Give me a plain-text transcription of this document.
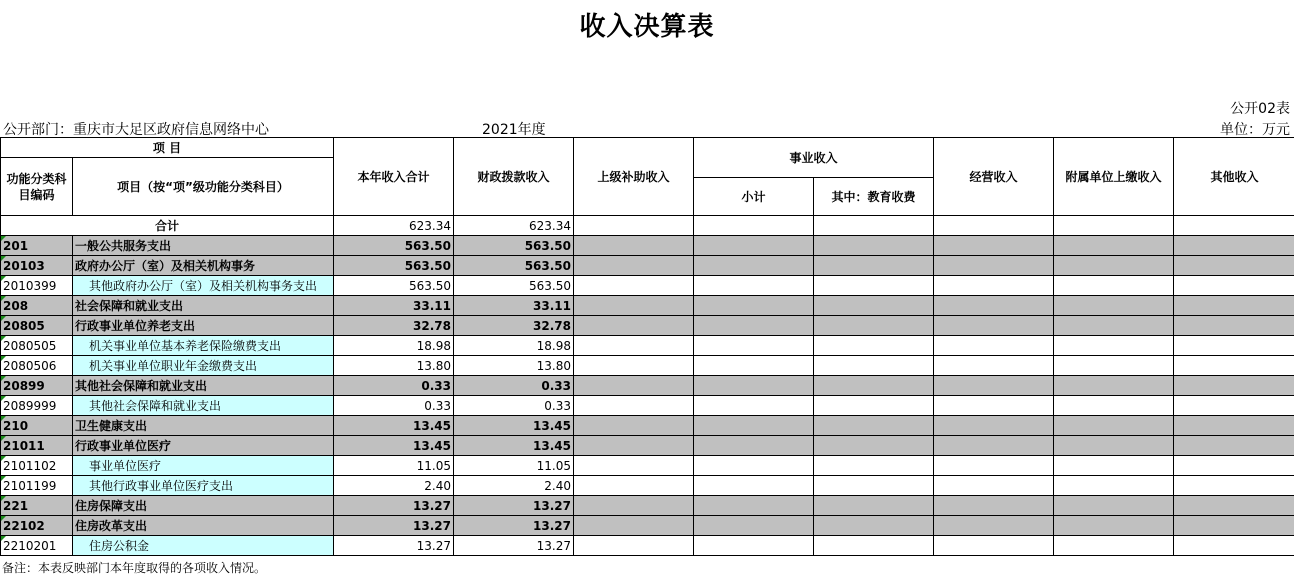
收入决算表
公开02表
公开部门：重庆市大足区政府信息网络中心	2021年度	单位：万元
项 目		本年收入合计	财政拨款收入	上级补助收入	事业收入		经营收入	附属单位上缴收入	其他收入
功能分类科目编码	项目（按“项”级功能分类科目）								
					小计	其中：教育收费			
合计		623.34	623.34						
201	一般公共服务支出	563.50	563.50						
20103	政府办公厅（室）及相关机构事务	563.50	563.50						
2010399	其他政府办公厅（室）及相关机构事务支出	563.50	563.50						
208	社会保障和就业支出	33.11	33.11						
20805	行政事业单位养老支出	32.78	32.78						
2080505	机关事业单位基本养老保险缴费支出	18.98	18.98						
2080506	机关事业单位职业年金缴费支出	13.80	13.80						
20899	其他社会保障和就业支出	0.33	0.33						
2089999	其他社会保障和就业支出	0.33	0.33						
210	卫生健康支出	13.45	13.45						
21011	行政事业单位医疗	13.45	13.45						
2101102	事业单位医疗	11.05	11.05						
2101199	其他行政事业单位医疗支出	2.40	2.40						
221	住房保障支出	13.27	13.27						
22102	住房改革支出	13.27	13.27						
2210201	住房公积金	13.27	13.27						
备注：本表反映部门本年度取得的各项收入情况。
